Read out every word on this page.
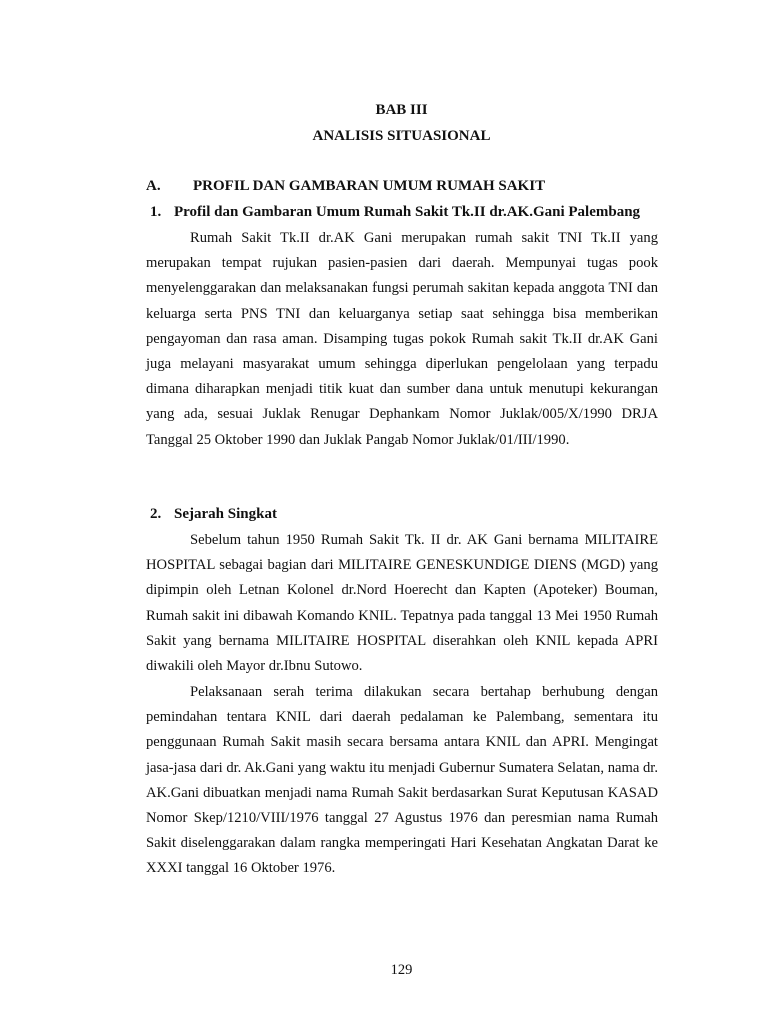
BAB III
ANALISIS SITUASIONAL
A. PROFIL DAN GAMBARAN UMUM RUMAH SAKIT
1. Profil dan Gambaran Umum Rumah Sakit Tk.II dr.AK.Gani Palembang

Rumah Sakit Tk.II dr.AK Gani merupakan rumah sakit TNI Tk.II yang merupakan tempat rujukan pasien-pasien dari daerah. Mempunyai tugas pook menyelenggarakan dan melaksanakan fungsi perumah sakitan kepada anggota TNI dan keluarga serta PNS TNI dan keluarganya setiap saat sehingga bisa memberikan pengayoman dan rasa aman. Disamping tugas pokok Rumah sakit Tk.II dr.AK Gani juga melayani masyarakat umum sehingga diperlukan pengelolaan yang terpadu dimana diharapkan menjadi titik kuat dan sumber dana untuk menutupi kekurangan yang ada, sesuai Juklak Renugar Dephankam Nomor Juklak/005/X/1990 DRJA Tanggal 25 Oktober 1990 dan Juklak Pangab Nomor Juklak/01/III/1990.

2. Sejarah Singkat

Sebelum tahun 1950 Rumah Sakit Tk. II dr. AK Gani bernama MILITAIRE HOSPITAL sebagai bagian dari MILITAIRE GENESKUNDIGE DIENS (MGD) yang dipimpin oleh Letnan Kolonel dr.Nord Hoerecht dan Kapten (Apoteker) Bouman, Rumah sakit ini dibawah Komando KNIL. Tepatnya pada tanggal 13 Mei 1950 Rumah Sakit yang bernama MILITAIRE HOSPITAL diserahkan oleh KNIL kepada APRI diwakili oleh Mayor dr.Ibnu Sutowo.

Pelaksanaan serah terima dilakukan secara bertahap berhubung dengan pemindahan tentara KNIL dari daerah pedalaman ke Palembang, sementara itu penggunaan Rumah Sakit masih secara bersama antara KNIL dan APRI. Mengingat jasa-jasa dari dr. Ak.Gani yang waktu itu menjadi Gubernur Sumatera Selatan, nama dr. AK.Gani dibuatkan menjadi nama Rumah Sakit berdasarkan Surat Keputusan KASAD Nomor Skep/1210/VIII/1976 tanggal 27 Agustus 1976 dan peresmian nama Rumah Sakit diselenggarakan dalam rangka memperingati Hari Kesehatan Angkatan Darat ke XXXI tanggal 16 Oktober 1976.

129
